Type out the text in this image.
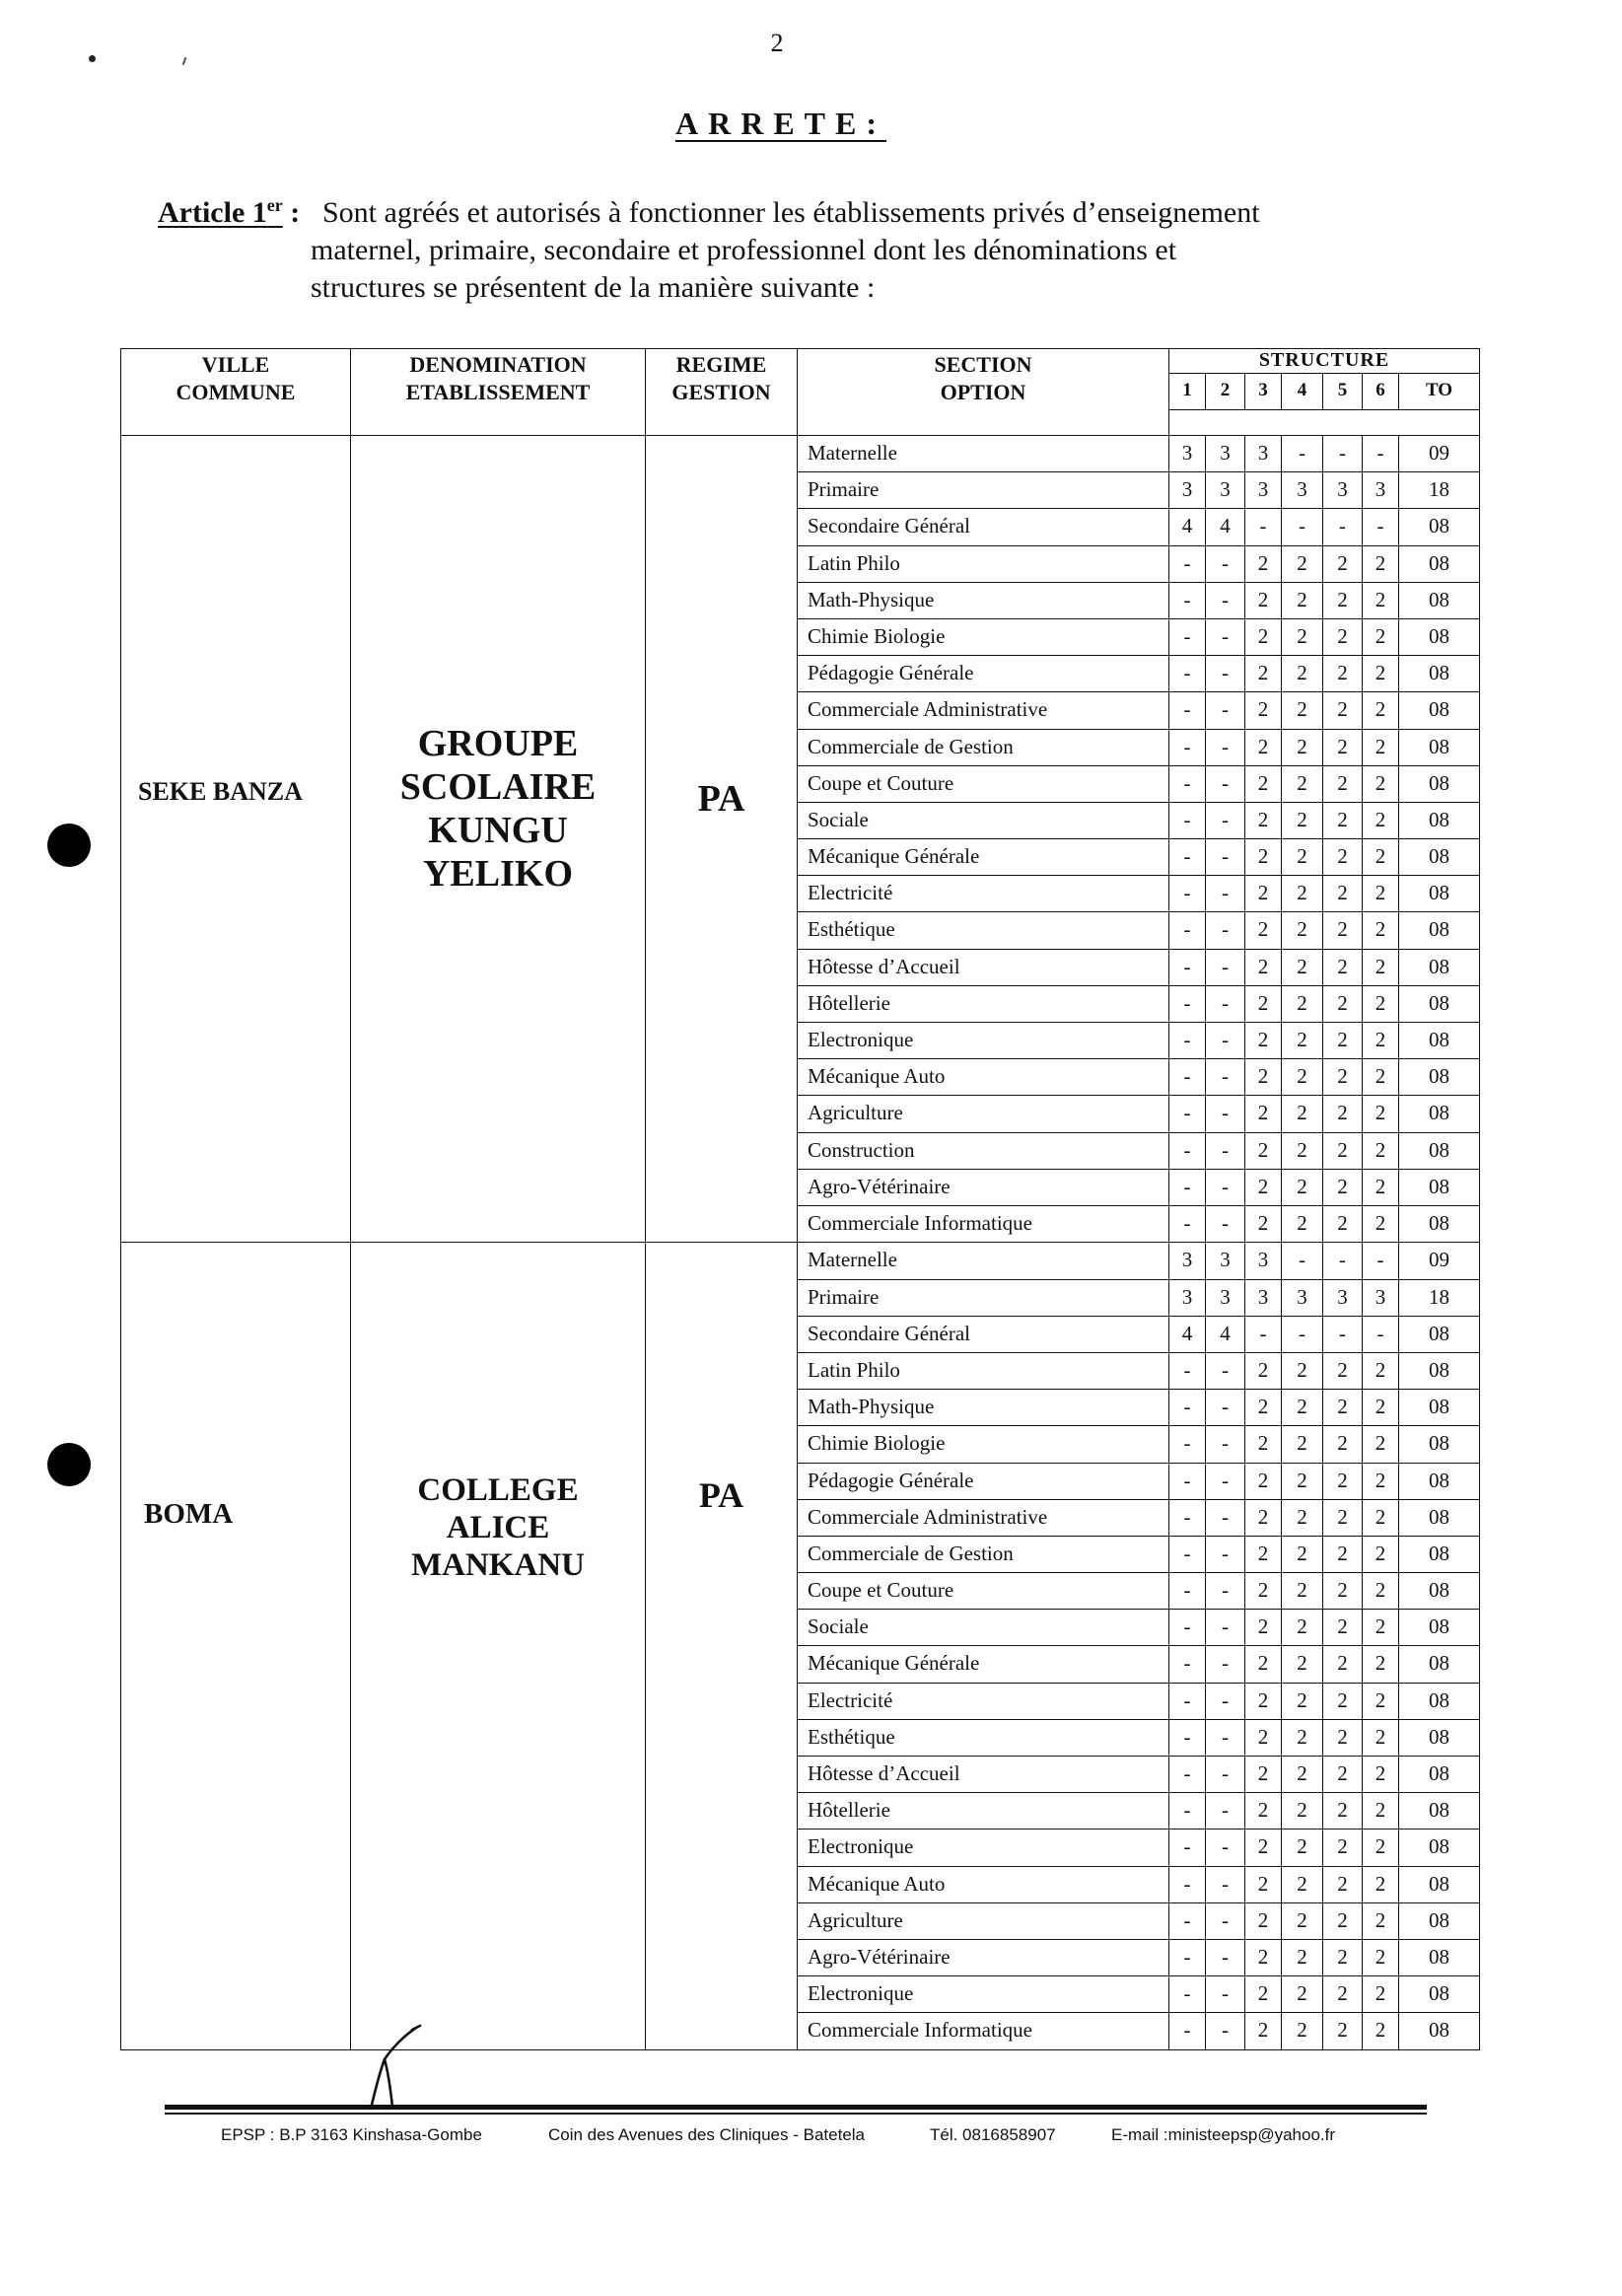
2
ARRETE:
Article 1er : Sont agréés et autorisés à fonctionner les établissements privés d’enseignement
maternel, primaire, secondaire et professionnel dont les dénominations et
structures se présentent de la manière suivante :
VILLE
COMMUNE
DENOMINATION
ETABLISSEMENT
REGIME
GESTION
SECTION
OPTION
STRUCTURE
1	2	3	4	5	6	TO
SEKE BANZA
GROUPE
SCOLAIRE
KUNGU
YELIKO
PA
Maternelle	3	3	3	-	-	-	09
Primaire	3	3	3	3	3	3	18
Secondaire Général	4	4	-	-	-	-	08
Latin Philo	-	-	2	2	2	2	08
Math-Physique	-	-	2	2	2	2	08
Chimie Biologie	-	-	2	2	2	2	08
Pédagogie Générale	-	-	2	2	2	2	08
Commerciale Administrative	-	-	2	2	2	2	08
Commerciale de Gestion	-	-	2	2	2	2	08
Coupe et Couture	-	-	2	2	2	2	08
Sociale	-	-	2	2	2	2	08
Mécanique Générale	-	-	2	2	2	2	08
Electricité	-	-	2	2	2	2	08
Esthétique	-	-	2	2	2	2	08
Hôtesse d’Accueil	-	-	2	2	2	2	08
Hôtellerie	-	-	2	2	2	2	08
Electronique	-	-	2	2	2	2	08
Mécanique Auto	-	-	2	2	2	2	08
Agriculture	-	-	2	2	2	2	08
Construction	-	-	2	2	2	2	08
Agro-Vétérinaire	-	-	2	2	2	2	08
Commerciale Informatique	-	-	2	2	2	2	08
BOMA
COLLEGE
ALICE
MANKANU
PA
Maternelle	3	3	3	-	-	-	09
Primaire	3	3	3	3	3	3	18
Secondaire Général	4	4	-	-	-	-	08
Latin Philo	-	-	2	2	2	2	08
Math-Physique	-	-	2	2	2	2	08
Chimie Biologie	-	-	2	2	2	2	08
Pédagogie Générale	-	-	2	2	2	2	08
Commerciale Administrative	-	-	2	2	2	2	08
Commerciale de Gestion	-	-	2	2	2	2	08
Coupe et Couture	-	-	2	2	2	2	08
Sociale	-	-	2	2	2	2	08
Mécanique Générale	-	-	2	2	2	2	08
Electricité	-	-	2	2	2	2	08
Esthétique	-	-	2	2	2	2	08
Hôtesse d’Accueil	-	-	2	2	2	2	08
Hôtellerie	-	-	2	2	2	2	08
Electronique	-	-	2	2	2	2	08
Mécanique Auto	-	-	2	2	2	2	08
Agriculture	-	-	2	2	2	2	08
Agro-Vétérinaire	-	-	2	2	2	2	08
Electronique	-	-	2	2	2	2	08
Commerciale Informatique	-	-	2	2	2	2	08
EPSP : B.P 3163 Kinshasa-Gombe	Coin des Avenues des Cliniques - Batetela	Tél. 0816858907	E-mail :ministeepsp@yahoo.fr
